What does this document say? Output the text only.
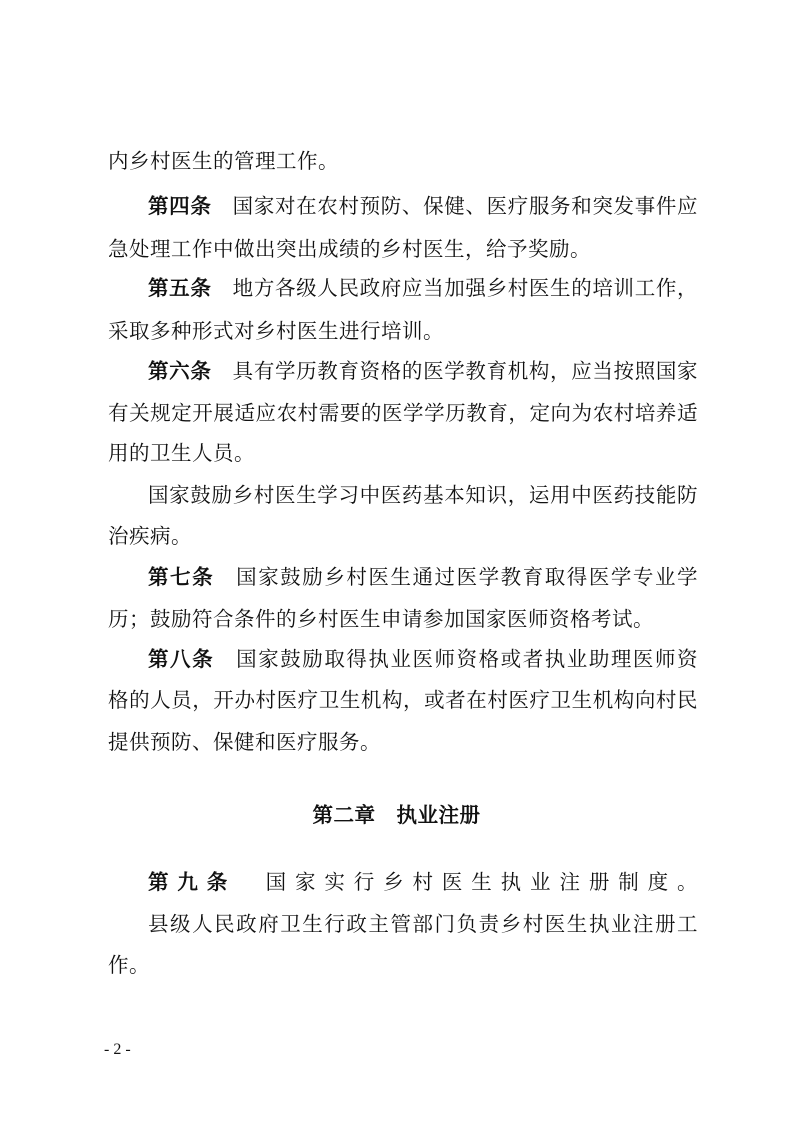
内乡村医生的管理工作。
第四条　 国家对在农村预防、保健、医疗服务和突发事件应
急处理工作中做出突出成绩的乡村医生，给予奖励。
第五条　 地方各级人民政府应当加强乡村医生的培训工作，
采取多种形式对乡村医生进行培训。
第六条　 具有学历教育资格的医学教育机构，应当按照国家
有关规定开展适应农村需要的医学学历教育，定向为农村培养适
用的卫生人员。
国家鼓励乡村医生学习中医药基本知识，运用中医药技能防
治疾病。
第七条　 国家鼓励乡村医生通过医学教育取得医学专业学
历；鼓励符合条件的乡村医生申请参加国家医师资格考试。
第八条　 国家鼓励取得执业医师资格或者执业助理医师资
格的人员，开办村医疗卫生机构，或者在村医疗卫生机构向村民
提供预防、保健和医疗服务。
第二章　执业注册
第九条　 国家实行乡村医生执业注册制度。
县级人民政府卫生行政主管部门负责乡村医生执业注册工
作。
- 2 -
